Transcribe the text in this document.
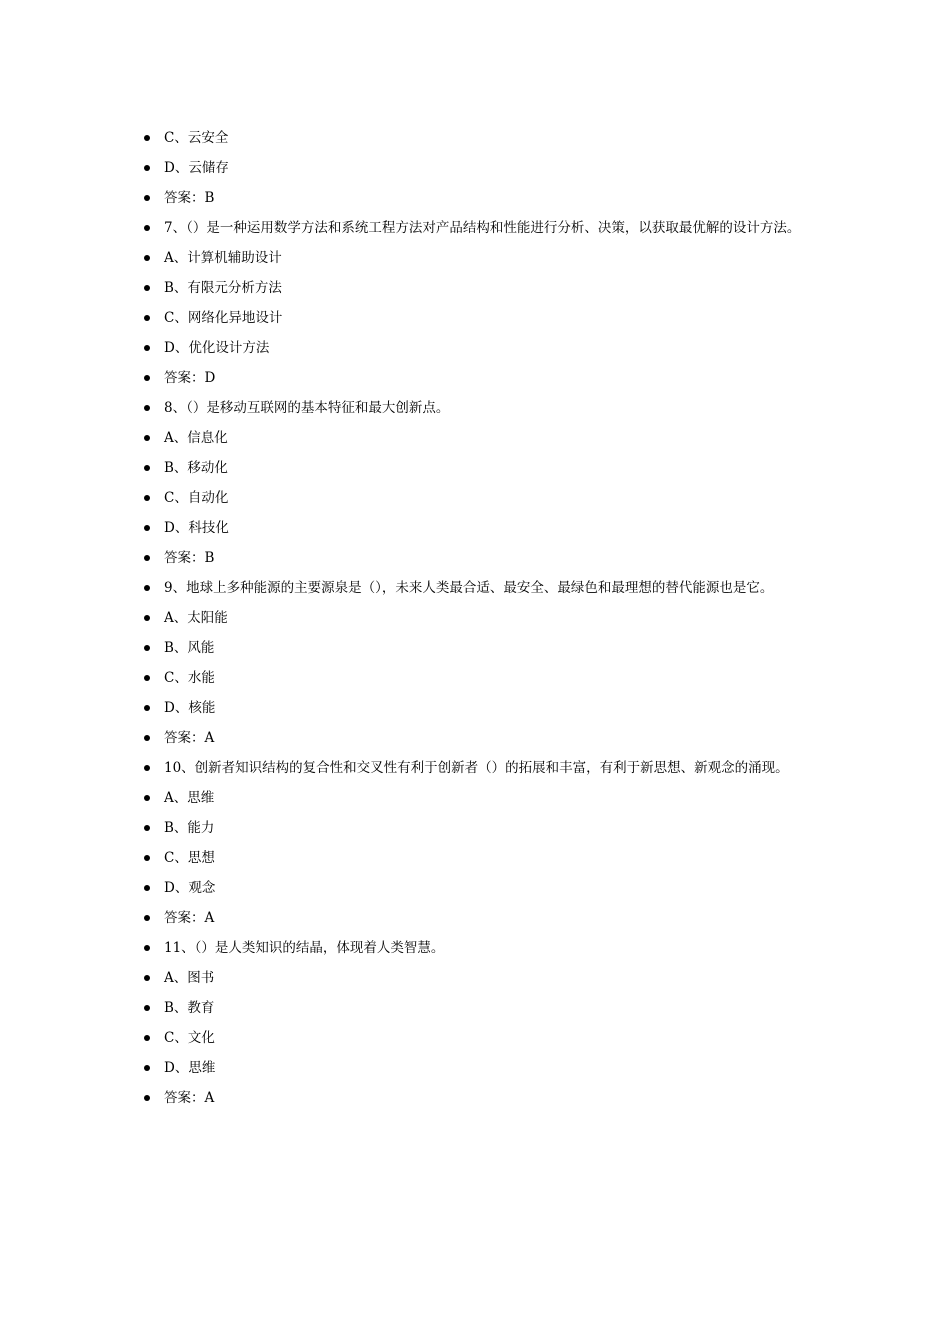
C、云安全
D、云储存
答案：B
7、（）是一种运用数学方法和系统工程方法对产品结构和性能进行分析、决策，以获取最优解的设计方法。
A、计算机辅助设计
B、有限元分析方法
C、网络化异地设计
D、优化设计方法
答案：D
8、（）是移动互联网的基本特征和最大创新点。
A、信息化
B、移动化
C、自动化
D、科技化
答案：B
9、地球上多种能源的主要源泉是（），未来人类最合适、最安全、最绿色和最理想的替代能源也是它。
A、太阳能
B、风能
C、水能
D、核能
答案：A
10、创新者知识结构的复合性和交叉性有利于创新者（）的拓展和丰富，有利于新思想、新观念的涌现。
A、思维
B、能力
C、思想
D、观念
答案：A
11、（）是人类知识的结晶，体现着人类智慧。
A、图书
B、教育
C、文化
D、思维
答案：A
